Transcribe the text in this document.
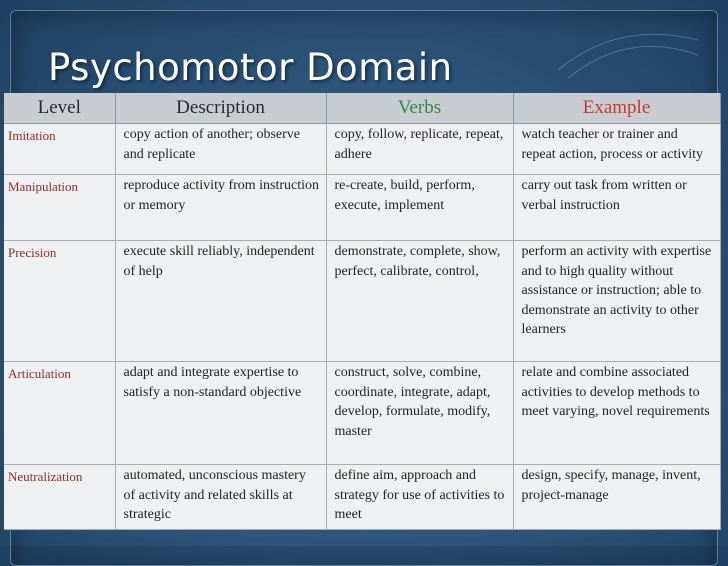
Psychomotor Domain
Level	Description	Verbs	Example
Imitation	copy action of another; observe and replicate	copy, follow, replicate, repeat, adhere	watch teacher or trainer and repeat action, process or activity
Manipulation	reproduce activity from instruction or memory	re-create, build, perform, execute, implement	carry out task from written or verbal instruction
Precision	execute skill reliably, independent of help	demonstrate, complete, show, perfect, calibrate, control,	perform an activity with expertise and to high quality without assistance or instruction; able to demonstrate an activity to other learners
Articulation	adapt and integrate expertise to satisfy a non-standard objective	construct, solve, combine, coordinate, integrate, adapt, develop, formulate, modify, master	relate and combine associated activities to develop methods to meet varying, novel requirements
Neutralization	automated, unconscious mastery of activity and related skills at strategic	define aim, approach and strategy for use of activities to meet	design, specify, manage, invent, project-manage
